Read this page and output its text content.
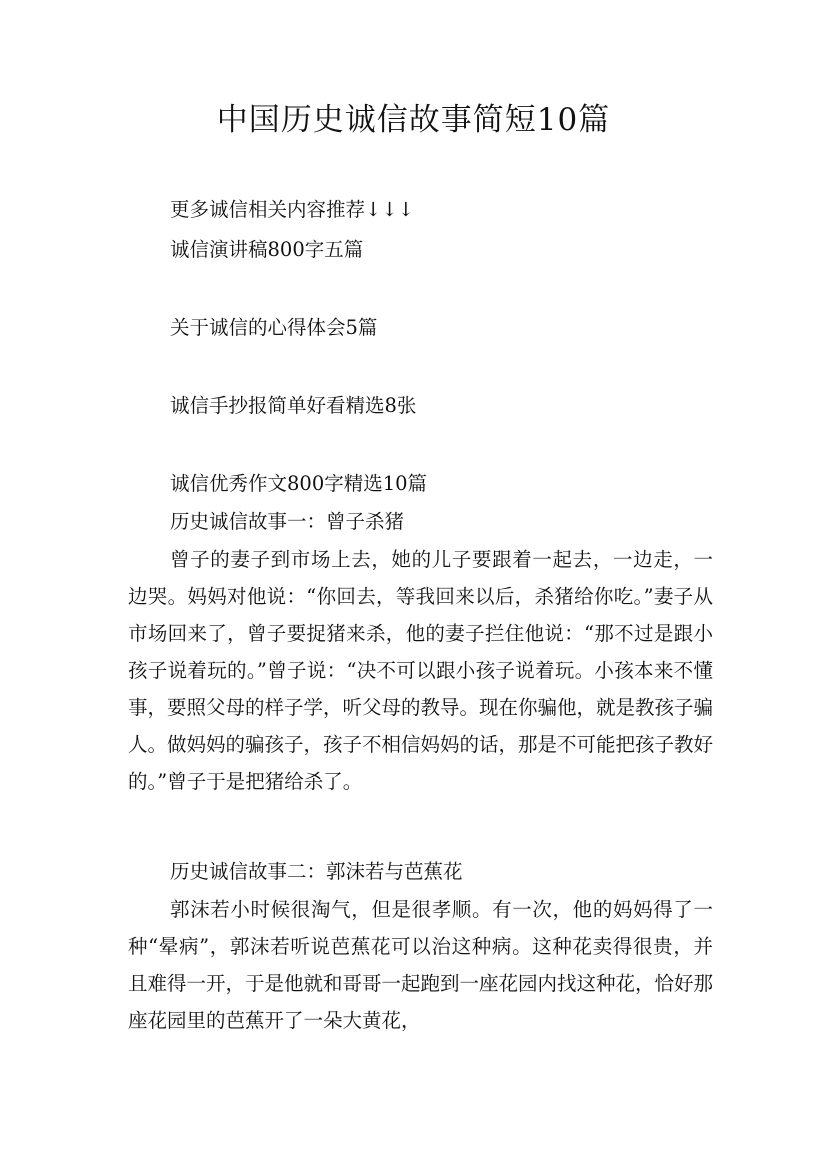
中国历史诚信故事简短10篇

更多诚信相关内容推荐↓↓↓

诚信演讲稿800字五篇

关于诚信的心得体会5篇

诚信手抄报简单好看精选8张

诚信优秀作文800字精选10篇

历史诚信故事一：曾子杀猪

曾子的妻子到市场上去，她的儿子要跟着一起去，一边走，一边哭。妈妈对他说：“你回去，等我回来以后，杀猪给你吃。”妻子从市场回来了，曾子要捉猪来杀，他的妻子拦住他说：“那不过是跟小孩子说着玩的。”曾子说：“决不可以跟小孩子说着玩。小孩本来不懂事，要照父母的样子学，听父母的教导。现在你骗他，就是教孩子骗人。做妈妈的骗孩子，孩子不相信妈妈的话，那是不可能把孩子教好的。”曾子于是把猪给杀了。

历史诚信故事二：郭沫若与芭蕉花

郭沫若小时候很淘气，但是很孝顺。有一次，他的妈妈得了一种“晕病”，郭沫若听说芭蕉花可以治这种病。这种花卖得很贵，并且难得一开，于是他就和哥哥一起跑到一座花园内找这种花，恰好那座花园里的芭蕉开了一朵大黄花，
